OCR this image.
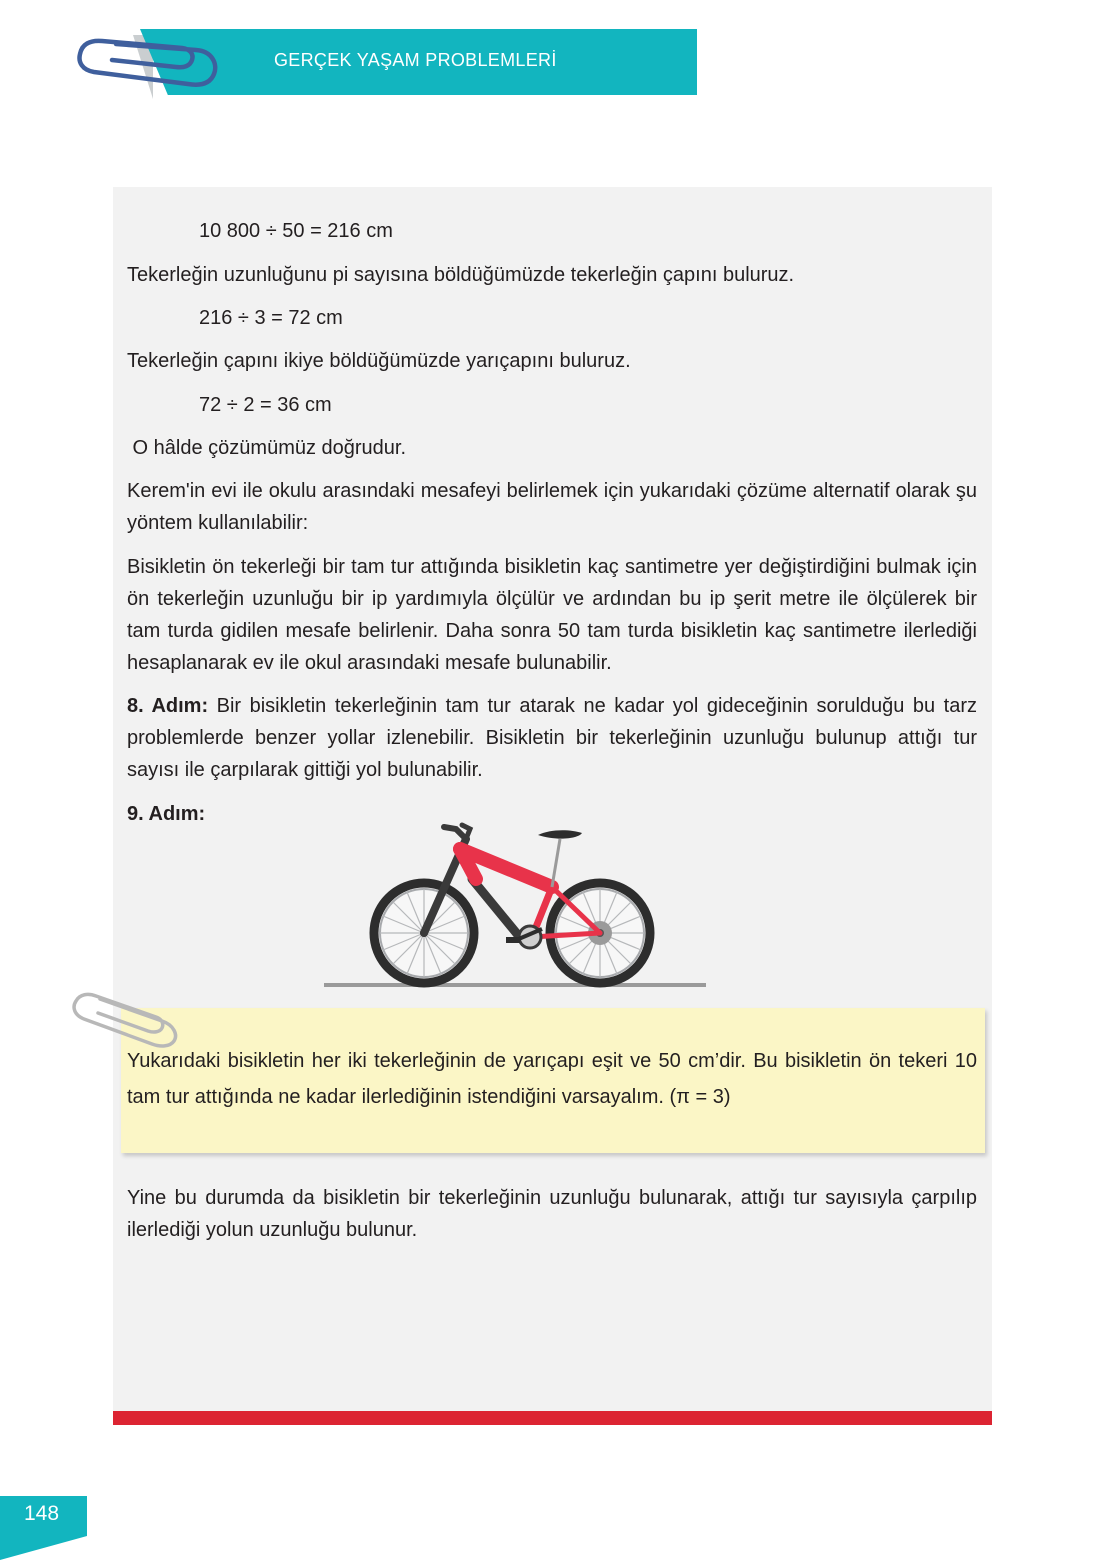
GERÇEK YAŞAM PROBLEMLERİ
10 800 ÷ 50 = 216 cm
Tekerleğin uzunluğunu pi sayısına böldüğümüzde tekerleğin çapını buluruz.
216 ÷ 3 = 72 cm
Tekerleğin çapını ikiye böldüğümüzde yarıçapını buluruz.
72 ÷ 2 = 36 cm
O hâlde çözümümüz doğrudur.
Kerem'in evi ile okulu arasındaki mesafeyi belirlemek için yukarıdaki çözüme alternatif olarak şu yöntem kullanılabilir:
Bisikletin ön tekerleği bir tam tur attığında bisikletin kaç santimetre yer değiştirdiğini bulmak için ön tekerleğin uzunluğu bir ip yardımıyla ölçülür ve ardından bu ip şerit metre ile ölçülerek bir tam turda gidilen mesafe belirlenir. Daha sonra 50 tam turda bisikletin kaç santimetre ilerlediği hesaplanarak ev ile okul arasındaki mesafe bulunabilir.
8. Adım: Bir bisikletin tekerleğinin tam tur atarak ne kadar yol gideceğinin sorulduğu bu tarz problemlerde benzer yollar izlenebilir. Bisikletin bir tekerleğinin uzunluğu bulunup attığı tur sayısı ile çarpılarak gittiği yol bulunabilir.
9. Adım:
Yukarıdaki bisikletin her iki tekerleğinin de yarıçapı eşit ve 50 cm’dir. Bu bisikletin ön tekeri 10 tam tur attığında ne kadar ilerlediğinin istendiğini varsayalım. (π = 3)
Yine bu durumda da bisikletin bir tekerleğinin uzunluğu bulunarak, attığı tur sayısıyla çarpılıp ilerlediği yolun uzunluğu bulunur.
148
